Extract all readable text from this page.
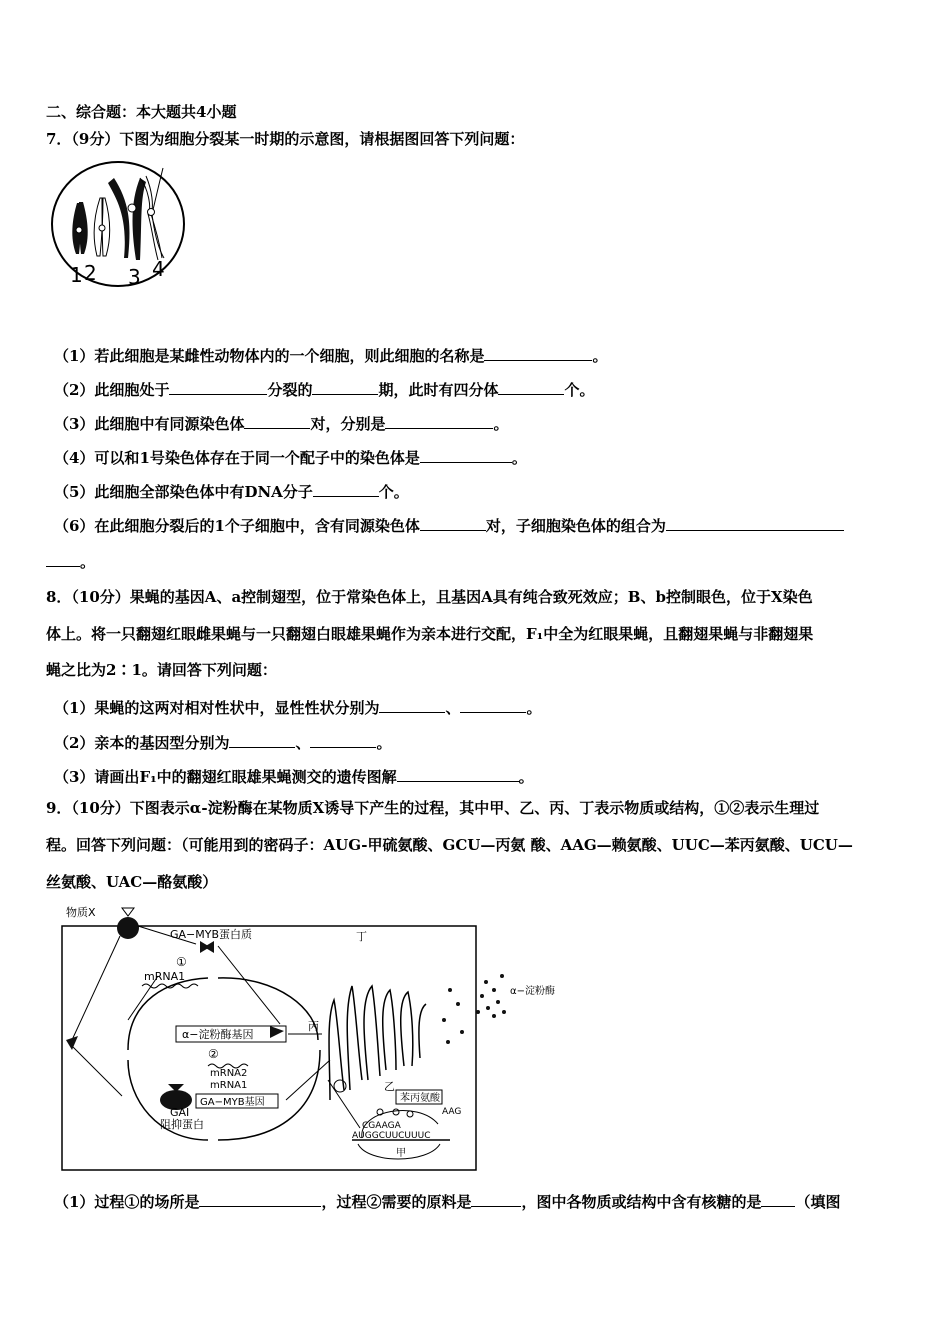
二、综合题：本大题共4小题
7．（9分）下图为细胞分裂某一时期的示意图，请根据图回答下列问题：
1 2 3 4
（1）若此细胞是某雌性动物体内的一个细胞，则此细胞的名称是	。
（2）此细胞处于	分裂的	期，此时有四分体	个。
（3）此细胞中有同源染色体	对，分别是	。
（4）可以和1号染色体存在于同一个配子中的染色体是	。
（5）此细胞全部染色体中有DNA分子	个。
（6）在此细胞分裂后的1个子细胞中，含有同源染色体	对，子细胞染色体的组合为
。
8．（10分）果蝇的基因A、a控制翅型，位于常染色体上，且基因A具有纯合致死效应；B、b控制眼色，位于X染色
体上。将一只翻翅红眼雌果蝇与一只翻翅白眼雄果蝇作为亲本进行交配，F₁中全为红眼果蝇，且翻翅果蝇与非翻翅果
蝇之比为2∶1。请回答下列问题：
（1）果蝇的这两对相对性状中，显性性状分别为	、	。
（2）亲本的基因型分别为	、	。
（3）请画出F₁中的翻翅红眼雄果蝇测交的遗传图解	。
9．（10分）下图表示α-淀粉酶在某物质X诱导下产生的过程，其中甲、乙、丙、丁表示物质或结构，①②表示生理过
程。回答下列问题：（可能用到的密码子：AUG-甲硫氨酸、GCU—丙氨 酸、AAG—赖氨酸、UUC—苯丙氨酸、UCU—
丝氨酸、UAC—酪氨酸）
物质X
GA−MYB蛋白质
①
mRNA1
α−淀粉酶基因
②
mRNA2
mRNA1
GA−MYB基因
GAI
阻抑蛋白
丙
乙
丁
α−淀粉酶
苯丙氨酸
CGAAGA
AAG
AUGGCUUCUUUC
甲
（1）过程①的场所是	，过程②需要的原料是	，图中各物质或结构中含有核糖的是 （填图
